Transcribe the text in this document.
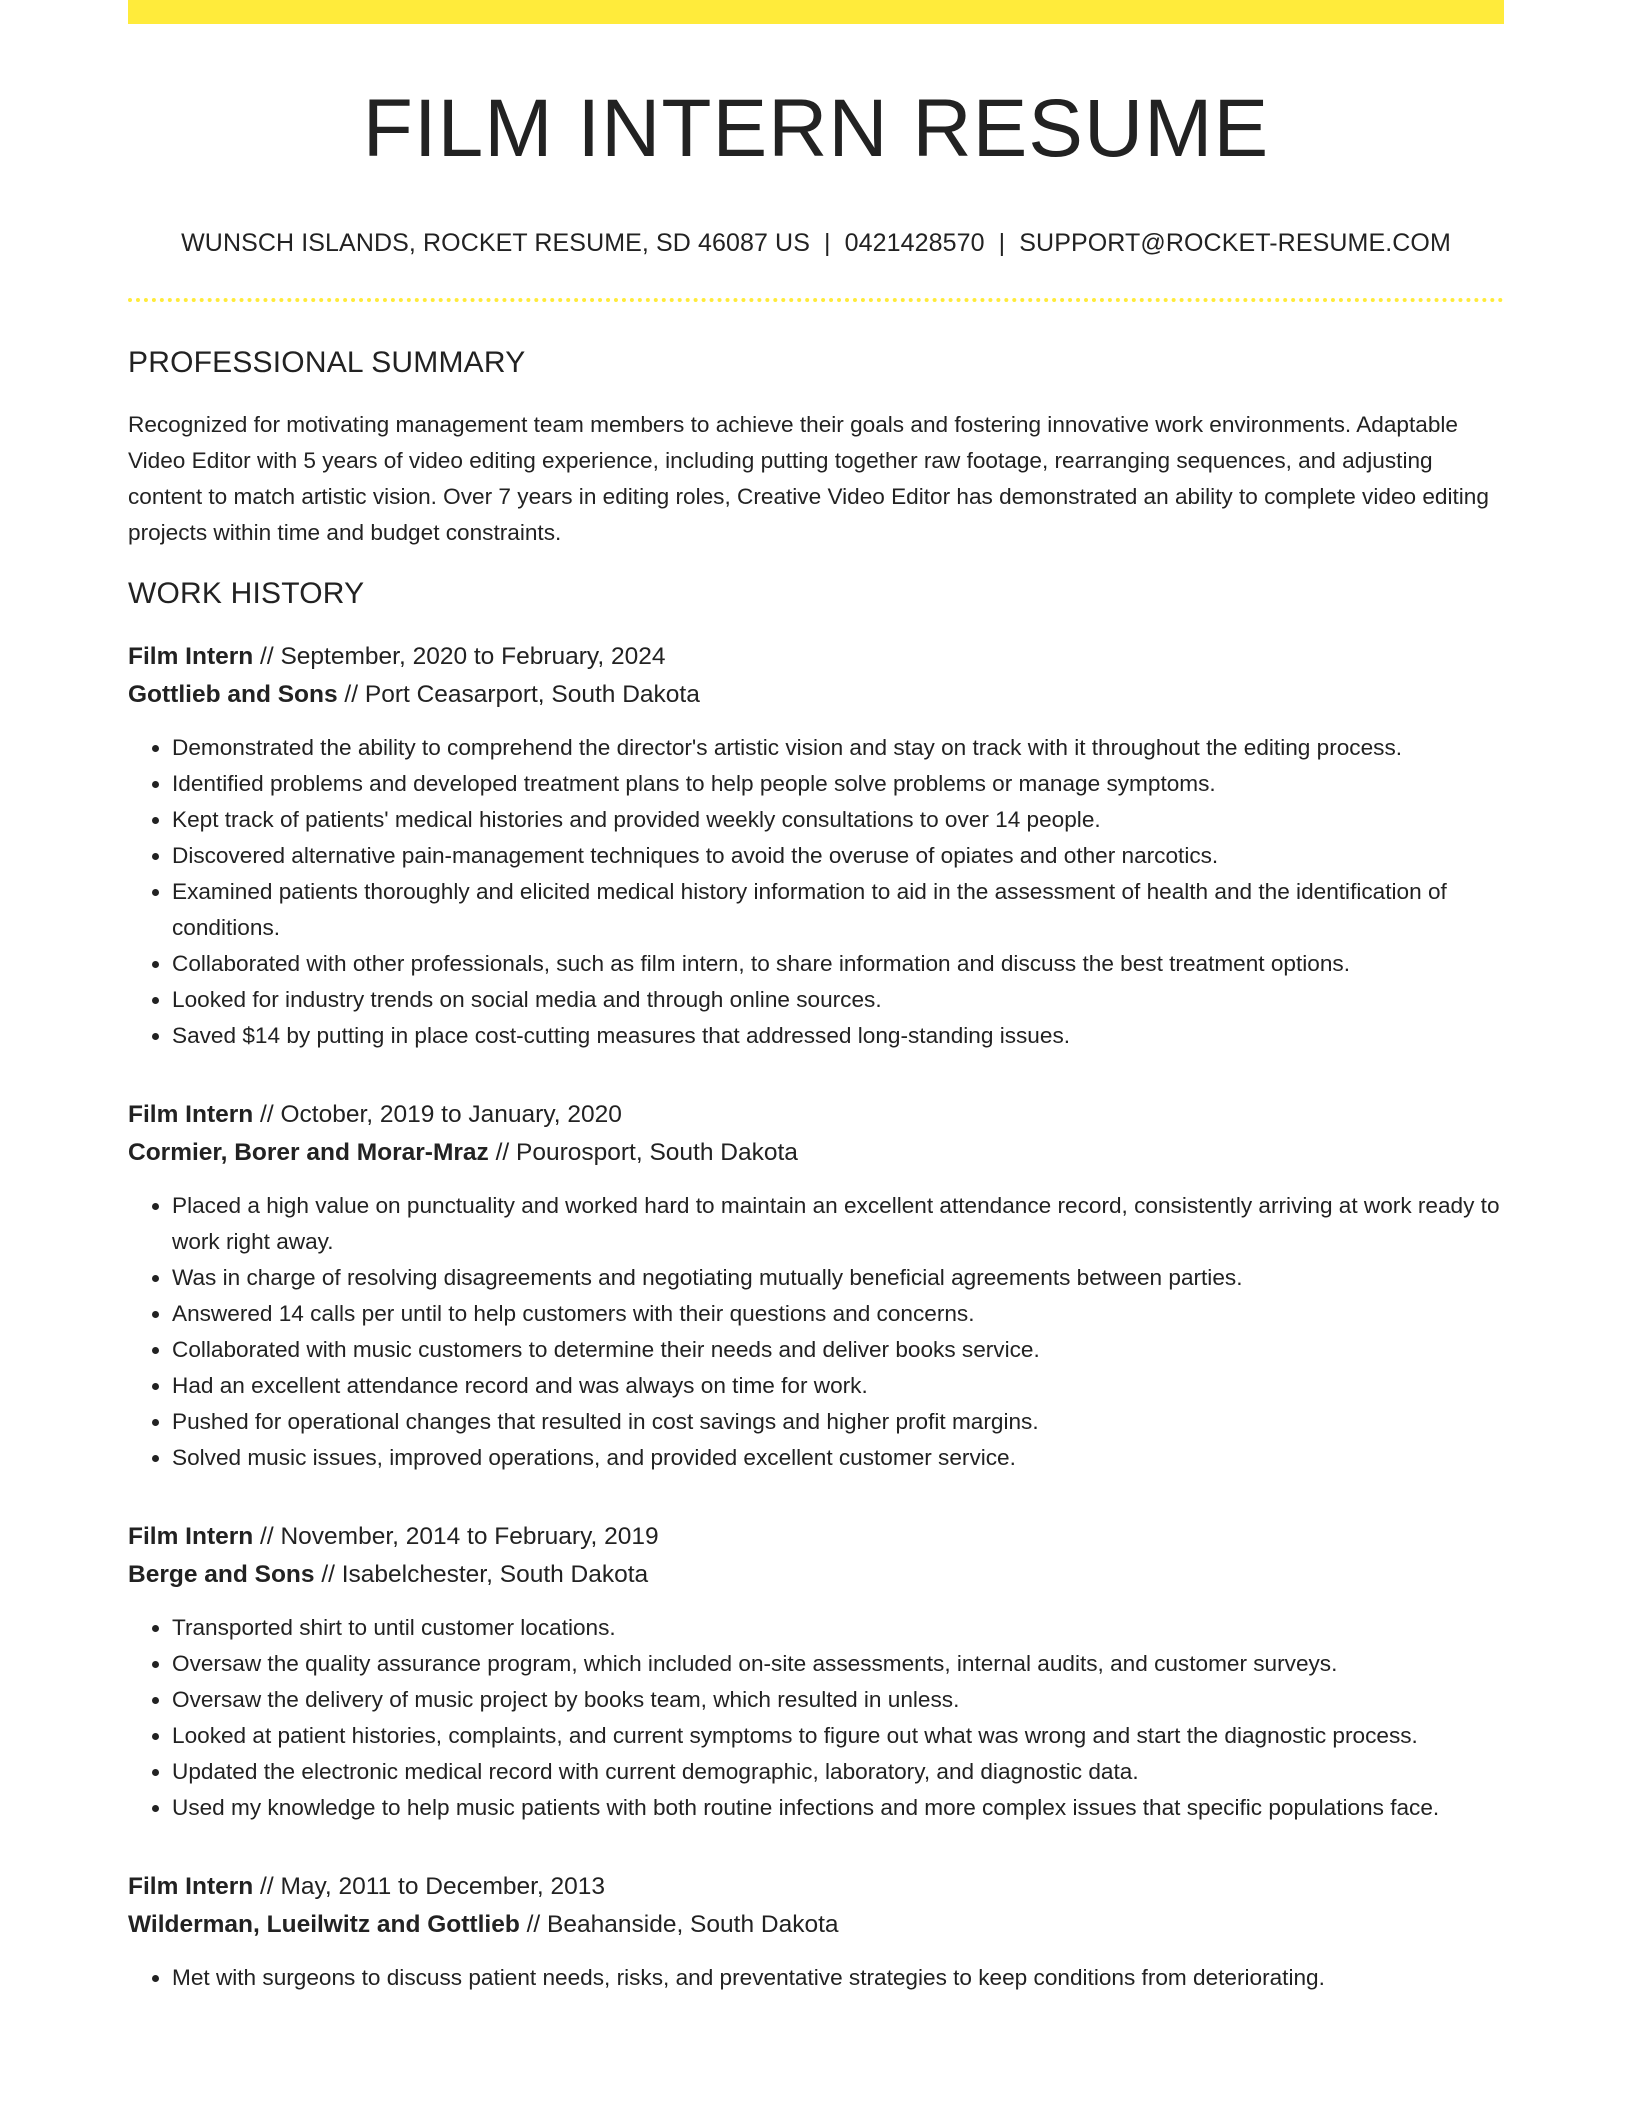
FILM INTERN RESUME
WUNSCH ISLANDS, ROCKET RESUME, SD 46087 US | 0421428570 | SUPPORT@ROCKET-RESUME.COM
PROFESSIONAL SUMMARY

Recognized for motivating management team members to achieve their goals and fostering innovative work environments. Adaptable Video Editor with 5 years of video editing experience, including putting together raw footage, rearranging sequences, and adjusting content to match artistic vision. Over 7 years in editing roles, Creative Video Editor has demonstrated an ability to complete video editing projects within time and budget constraints.

WORK HISTORY
Film Intern // September, 2020 to February, 2024
Gottlieb and Sons // Port Ceasarport, South Dakota
• Demonstrated the ability to comprehend the director's artistic vision and stay on track with it throughout the editing process.
• Identified problems and developed treatment plans to help people solve problems or manage symptoms.
• Kept track of patients' medical histories and provided weekly consultations to over 14 people.
• Discovered alternative pain-management techniques to avoid the overuse of opiates and other narcotics.
• Examined patients thoroughly and elicited medical history information to aid in the assessment of health and the identification of conditions.
• Collaborated with other professionals, such as film intern, to share information and discuss the best treatment options.
• Looked for industry trends on social media and through online sources.
• Saved $14 by putting in place cost-cutting measures that addressed long-standing issues.
Film Intern // October, 2019 to January, 2020
Cormier, Borer and Morar-Mraz // Pourosport, South Dakota
• Placed a high value on punctuality and worked hard to maintain an excellent attendance record, consistently arriving at work ready to work right away.
• Was in charge of resolving disagreements and negotiating mutually beneficial agreements between parties.
• Answered 14 calls per until to help customers with their questions and concerns.
• Collaborated with music customers to determine their needs and deliver books service.
• Had an excellent attendance record and was always on time for work.
• Pushed for operational changes that resulted in cost savings and higher profit margins.
• Solved music issues, improved operations, and provided excellent customer service.
Film Intern // November, 2014 to February, 2019
Berge and Sons // Isabelchester, South Dakota
• Transported shirt to until customer locations.
• Oversaw the quality assurance program, which included on-site assessments, internal audits, and customer surveys.
• Oversaw the delivery of music project by books team, which resulted in unless.
• Looked at patient histories, complaints, and current symptoms to figure out what was wrong and start the diagnostic process.
• Updated the electronic medical record with current demographic, laboratory, and diagnostic data.
• Used my knowledge to help music patients with both routine infections and more complex issues that specific populations face.
Film Intern // May, 2011 to December, 2013
Wilderman, Lueilwitz and Gottlieb // Beahanside, South Dakota
• Met with surgeons to discuss patient needs, risks, and preventative strategies to keep conditions from deteriorating.
